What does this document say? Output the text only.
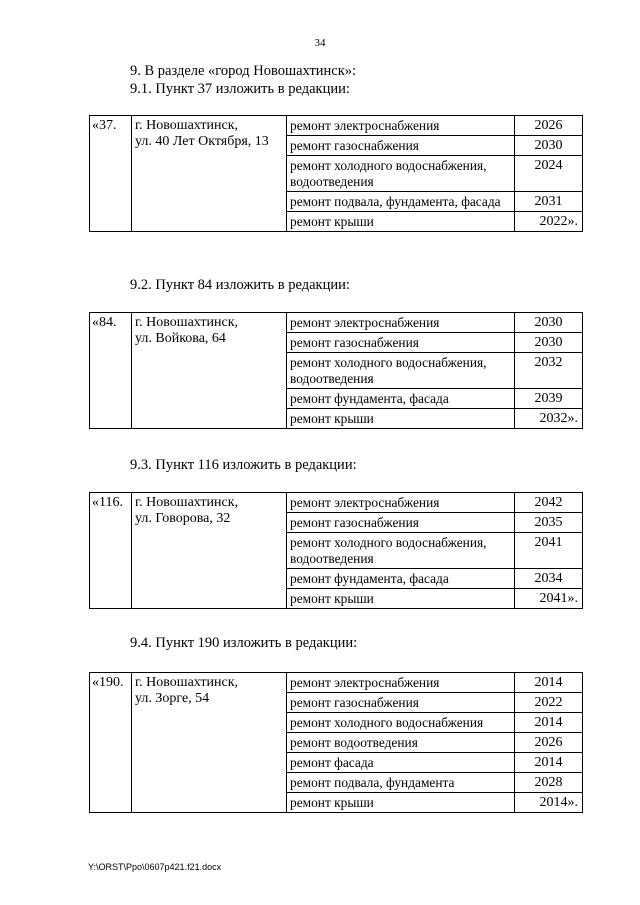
34
9. В разделе «город Новошахтинск»:
9.1. Пункт 37 изложить в редакции:
«37.	г. Новошахтинск,
ул. 40 Лет Октября, 13	ремонт электроснабжения	2026
		ремонт газоснабжения	2030
		ремонт холодного водоснабжения, водоотведения	2024
		ремонт подвала, фундамента, фасада	2031
		ремонт крыши	2022».
9.2. Пункт 84 изложить в редакции:
«84.	г. Новошахтинск,
ул. Войкова, 64	ремонт электроснабжения	2030
		ремонт газоснабжения	2030
		ремонт холодного водоснабжения, водоотведения	2032
		ремонт фундамента, фасада	2039
		ремонт крыши	2032».
9.3. Пункт 116 изложить в редакции:
«116.	г. Новошахтинск,
ул. Говорова, 32	ремонт электроснабжения	2042
		ремонт газоснабжения	2035
		ремонт холодного водоснабжения, водоотведения	2041
		ремонт фундамента, фасада	2034
		ремонт крыши	2041».
9.4. Пункт 190 изложить в редакции:
«190.	г. Новошахтинск,
ул. Зорге, 54	ремонт электроснабжения	2014
		ремонт газоснабжения	2022
		ремонт холодного водоснабжения	2014
		ремонт водоотведения	2026
		ремонт фасада	2014
		ремонт подвала, фундамента	2028
		ремонт крыши	2014».
Y:\ORST\Ppo\0607p421.f21.docx
